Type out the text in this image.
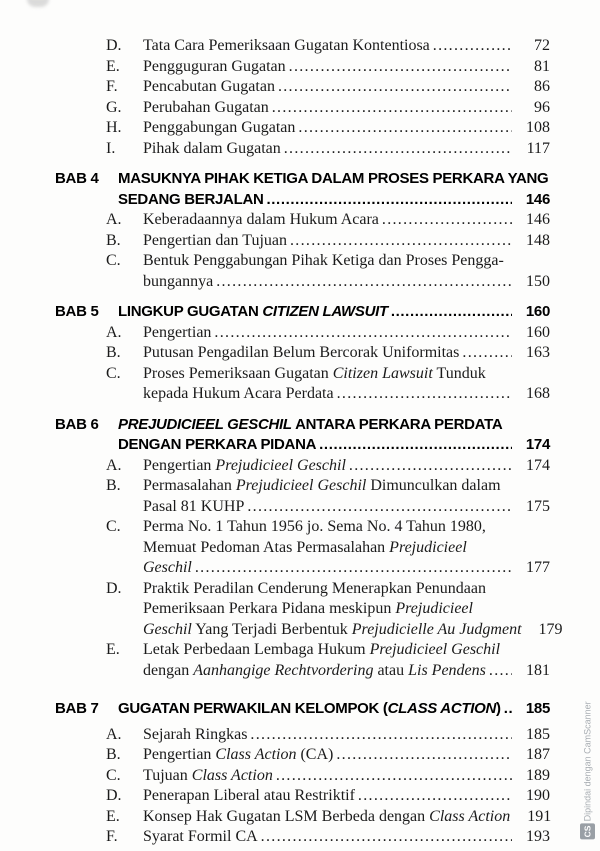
D.	Tata Cara Pemeriksaan Gugatan Kontentiosa .....	72
E.	Pengguguran Gugatan .....	81
F.	Pencabutan Gugatan .....	86
G.	Perubahan Gugatan .....	96
H.	Penggabungan Gugatan .....	108
I.	Pihak dalam Gugatan .....	117
BAB 4	MASUKNYA PIHAK KETIGA DALAM PROSES PERKARA YANG
SEDANG BERJALAN .....	146
A.	Keberadaannya dalam Hukum Acara .....	146
B.	Pengertian dan Tujuan .....	148
C.	Bentuk Penggabungan Pihak Ketiga dan Proses Pengga-
bungannya .....	150
BAB 5	LINGKUP GUGATAN CITIZEN LAWSUIT .....	160
A.	Pengertian .....	160
B.	Putusan Pengadilan Belum Bercorak Uniformitas .....	163
C.	Proses Pemeriksaan Gugatan Citizen Lawsuit Tunduk
kepada Hukum Acara Perdata .....	168
BAB 6	PREJUDICIEEL GESCHIL ANTARA PERKARA PERDATA
DENGAN PERKARA PIDANA .....	174
A.	Pengertian Prejudicieel Geschil .....	174
B.	Permasalahan Prejudicieel Geschil Dimunculkan dalam
Pasal 81 KUHP .....	175
C.	Perma No. 1 Tahun 1956 jo. Sema No. 4 Tahun 1980,
Memuat Pedoman Atas Permasalahan Prejudicieel
Geschil .....	177
D.	Praktik Peradilan Cenderung Menerapkan Penundaan
Pemeriksaan Perkara Pidana meskipun Prejudicieel
Geschil Yang Terjadi Berbentuk Prejudicielle Au Judgment	179
E.	Letak Perbedaan Lembaga Hukum Prejudicieel Geschil
dengan Aanhangige Rechtvordering atau Lis Pendens .....	181
BAB 7	GUGATAN PERWAKILAN KELOMPOK (CLASS ACTION) .....	185
A.	Sejarah Ringkas .....	185
B.	Pengertian Class Action (CA) .....	187
C.	Tujuan Class Action .....	189
D.	Penerapan Liberal atau Restriktif .....	190
E.	Konsep Hak Gugatan LSM Berbeda dengan Class Action	191
F.	Syarat Formil CA .....	193	CS Dipindai dengan CamScanner
